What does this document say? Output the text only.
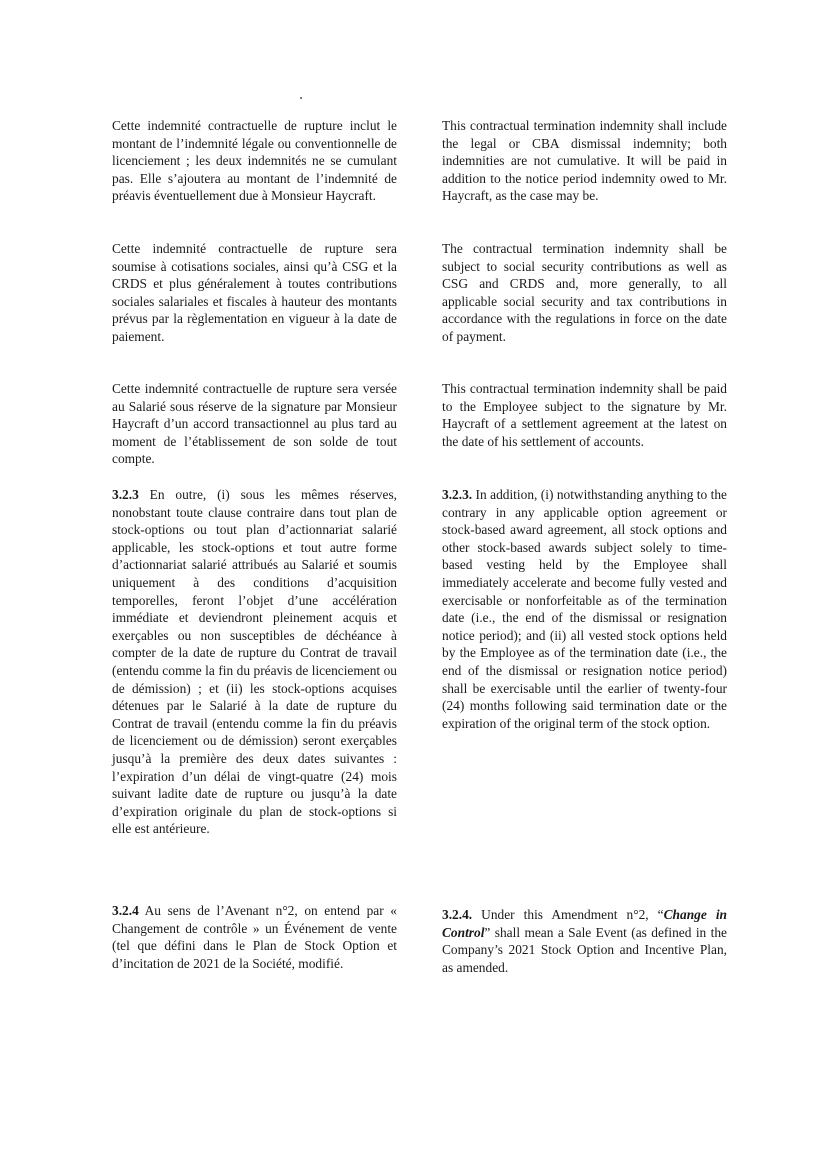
Cette indemnité contractuelle de rupture inclut le montant de l’indemnité légale ou conventionnelle de licenciement ; les deux indemnités ne se cumulant pas. Elle s’ajoutera au montant de l’indemnité de préavis éventuellement due à Monsieur Haycraft.

This contractual termination indemnity shall include the legal or CBA dismissal indemnity; both indemnities are not cumulative. It will be paid in addition to the notice period indemnity owed to Mr. Haycraft, as the case may be.

Cette indemnité contractuelle de rupture sera soumise à cotisations sociales, ainsi qu’à CSG et la CRDS et plus généralement à toutes contributions sociales salariales et fiscales à hauteur des montants prévus par la règlementation en vigueur à la date de paiement.

The contractual termination indemnity shall be subject to social security contributions as well as CSG and CRDS and, more generally, to all applicable social security and tax contributions in accordance with the regulations in force on the date of payment.

Cette indemnité contractuelle de rupture sera versée au Salarié sous réserve de la signature par Monsieur Haycraft d’un accord transactionnel au plus tard au moment de l’établissement de son solde de tout compte.

This contractual termination indemnity shall be paid to the Employee subject to the signature by Mr. Haycraft of a settlement agreement at the latest on the date of his settlement of accounts.

3.2.3 En outre, (i) sous les mêmes réserves, nonobstant toute clause contraire dans tout plan de stock-options ou tout plan d’actionnariat salarié applicable, les stock-options et tout autre forme d’actionnariat salarié attribués au Salarié et soumis uniquement à des conditions d’acquisition temporelles, feront l’objet d’une accélération immédiate et deviendront pleinement acquis et exerçables ou non susceptibles de déchéance à compter de la date de rupture du Contrat de travail (entendu comme la fin du préavis de licenciement ou de démission) ; et (ii) les stock-options acquises détenues par le Salarié à la date de rupture du Contrat de travail (entendu comme la fin du préavis de licenciement ou de démission) seront exerçables jusqu’à la première des deux dates suivantes : l’expiration d’un délai de vingt-quatre (24) mois suivant ladite date de rupture ou jusqu’à la date d’expiration originale du plan de stock-options si elle est antérieure.

3.2.3. In addition, (i) notwithstanding anything to the contrary in any applicable option agreement or stock-based award agreement, all stock options and other stock-based awards subject solely to time-based vesting held by the Employee shall immediately accelerate and become fully vested and exercisable or nonforfeitable as of the termination date (i.e., the end of the dismissal or resignation notice period); and (ii) all vested stock options held by the Employee as of the termination date (i.e., the end of the dismissal or resignation notice period) shall be exercisable until the earlier of twenty-four (24) months following said termination date or the expiration of the original term of the stock option.

3.2.4 Au sens de l’Avenant n°2, on entend par « Changement de contrôle » un Événement de vente (tel que défini dans le Plan de Stock Option et d’incitation de 2021 de la Société, modifié.

3.2.4. Under this Amendment n°2, “Change in Control” shall mean a Sale Event (as defined in the Company’s 2021 Stock Option and Incentive Plan, as amended.
